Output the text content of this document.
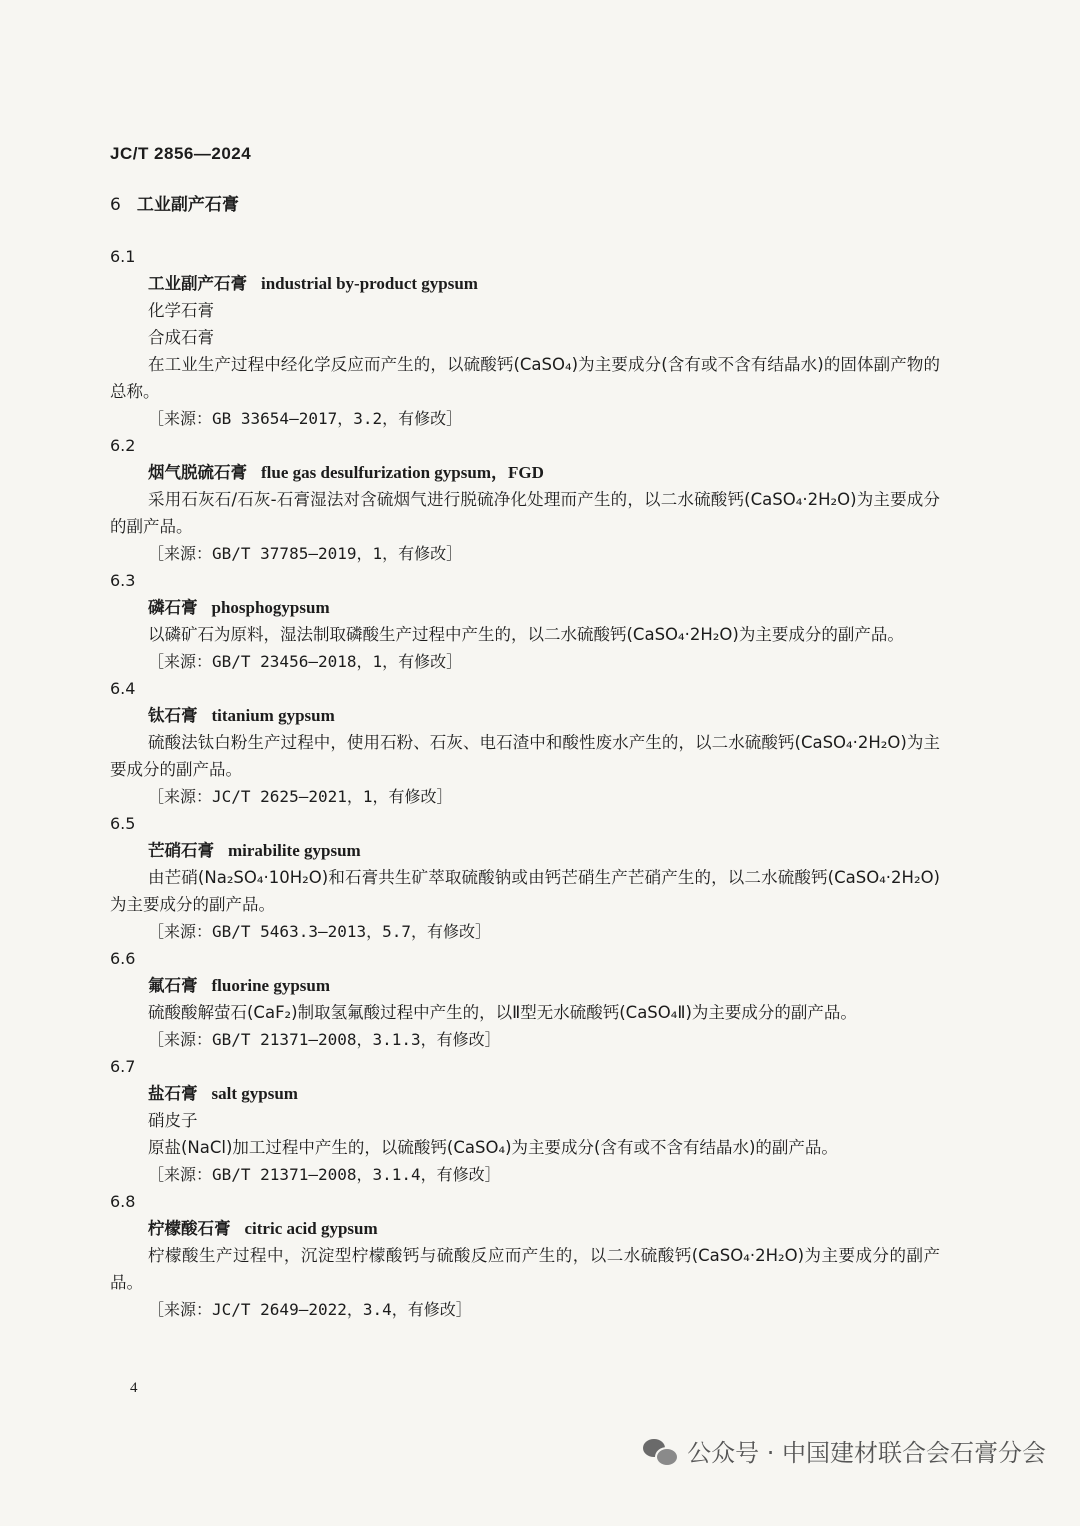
JC/T 2856—2024
6 工业副产石膏
6.1
工业副产石膏 industrial by-product gypsum
化学石膏
合成石膏
在工业生产过程中经化学反应而产生的，以硫酸钙(CaSO₄)为主要成分(含有或不含有结晶水)的固体副产物的总称。
［来源：GB 33654—2017，3.2，有修改］
6.2
烟气脱硫石膏 flue gas desulfurization gypsum，FGD
采用石灰石/石灰-石膏湿法对含硫烟气进行脱硫净化处理而产生的，以二水硫酸钙(CaSO₄·2H₂O)为主要成分的副产品。
［来源：GB/T 37785—2019，1，有修改］
6.3
磷石膏 phosphogypsum
以磷矿石为原料，湿法制取磷酸生产过程中产生的，以二水硫酸钙(CaSO₄·2H₂O)为主要成分的副产品。
［来源：GB/T 23456—2018，1，有修改］
6.4
钛石膏 titanium gypsum
硫酸法钛白粉生产过程中，使用石粉、石灰、电石渣中和酸性废水产生的，以二水硫酸钙(CaSO₄·2H₂O)为主要成分的副产品。
［来源：JC/T 2625—2021，1，有修改］
6.5
芒硝石膏 mirabilite gypsum
由芒硝(Na₂SO₄·10H₂O)和石膏共生矿萃取硫酸钠或由钙芒硝生产芒硝产生的，以二水硫酸钙(CaSO₄·2H₂O)为主要成分的副产品。
［来源：GB/T 5463.3—2013，5.7，有修改］
6.6
氟石膏 fluorine gypsum
硫酸酸解萤石(CaF₂)制取氢氟酸过程中产生的，以Ⅱ型无水硫酸钙(CaSO₄Ⅱ)为主要成分的副产品。
［来源：GB/T 21371—2008，3.1.3，有修改］
6.7
盐石膏 salt gypsum
硝皮子
原盐(NaCl)加工过程中产生的，以硫酸钙(CaSO₄)为主要成分(含有或不含有结晶水)的副产品。
［来源：GB/T 21371—2008，3.1.4，有修改］
6.8
柠檬酸石膏 citric acid gypsum
柠檬酸生产过程中，沉淀型柠檬酸钙与硫酸反应而产生的，以二水硫酸钙(CaSO₄·2H₂O)为主要成分的副产品。
［来源：JC/T 2649—2022，3.4，有修改］
4
公众号 · 中国建材联合会石膏分会
